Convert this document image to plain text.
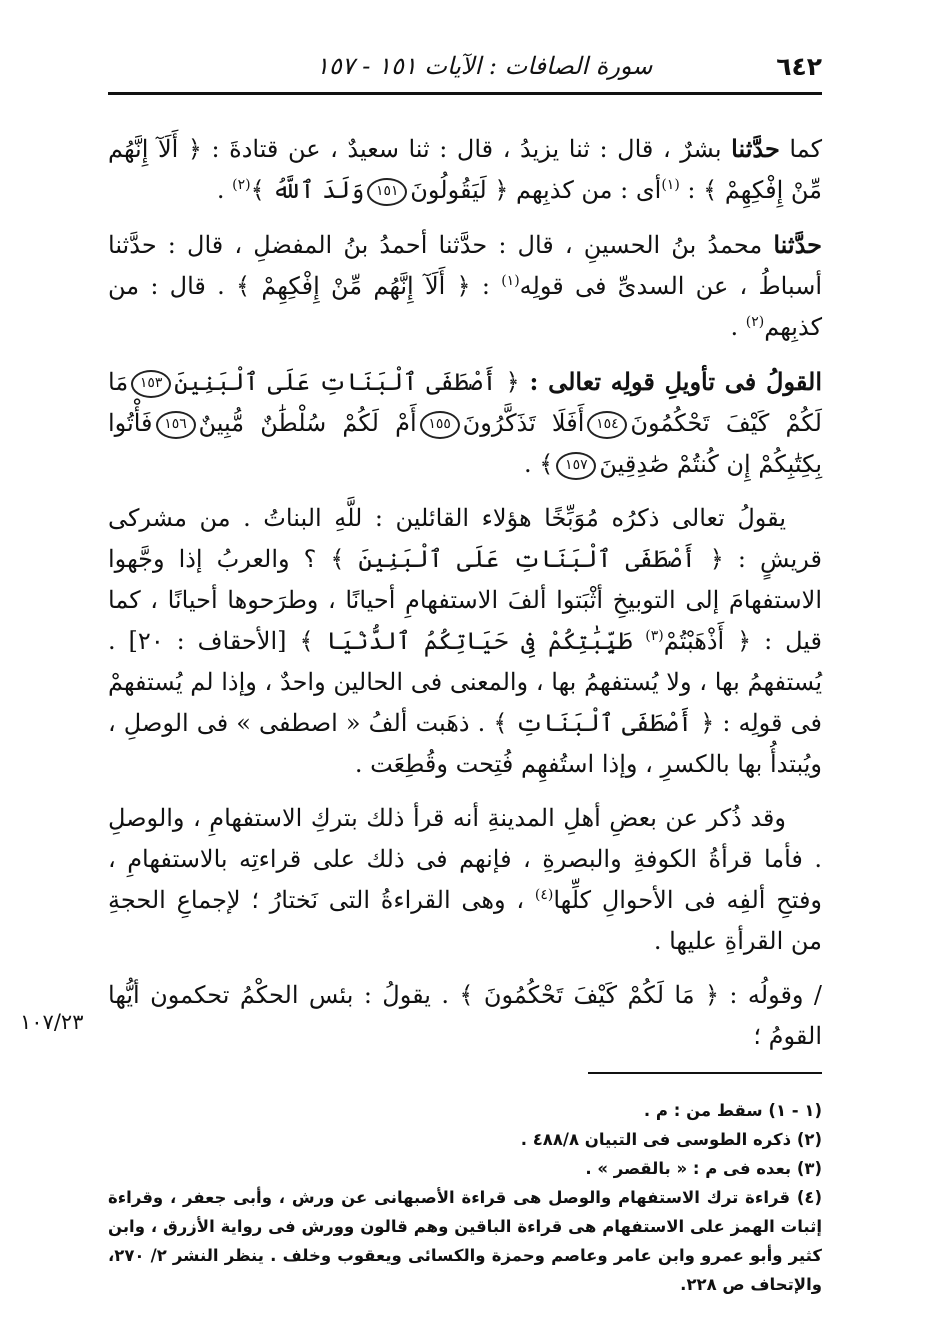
٦٤٢
سورة الصافات : الآيات ١٥١ - ١٥٧

كما حدَّثنا بشرٌ ، قال : ثنا يزيدُ ، قال : ثنا سعيدٌ ، عن قتادةَ : ﴿ أَلَآ إِنَّهُم مِّنْ إِفْكِهِمْ ﴾ : $^{(١)}$أى : من كذبِهم ﴿ لَيَقُولُونَ١٥١وَلَدَ ٱللَّهُ ﴾$^{(٢)}$ .

حدَّثنا محمدُ بنُ الحسينِ ، قال : حدَّثنا أحمدُ بنُ المفضلِ ، قال : حدَّثنا أسباطُ ، عن السدىِّ فى قولِه$^{(١)}$ : ﴿ أَلَآ إِنَّهُم مِّنْ إِفْكِهِمْ ﴾ . قال : من كذبِهم$^{(٢)}$ .

القولُ فى تأويلِ قولِه تعالى : ﴿ أَصْطَفَى ٱلْبَنَاتِ عَلَى ٱلْبَنِينَ١٥٣مَا لَكُمْ كَيْفَ تَحْكُمُونَ١٥٤أَفَلَا تَذَكَّرُونَ١٥٥أَمْ لَكُمْ سُلْطَٰنٌ مُّبِينٌ١٥٦فَأْتُوا بِكِتَٰبِكُمْ إِن كُنتُمْ صَٰدِقِينَ١٥٧﴾ .

يقولُ تعالى ذكرُه مُوَبِّخًا هؤلاء القائلين : للَّهِ البناتُ . من مشركى قريشٍ : ﴿ أَصْطَفَى ٱلْبَنَاتِ عَلَى ٱلْبَنِينَ ﴾ ؟ والعربُ إذا وجَّهوا الاستفهامَ إلى التوبيخِ أثْبَتوا ألفَ الاستفهامِ أحيانًا ، وطرَحوها أحيانًا ، كما قيل : ﴿ أَذْهَبْتُمْ$^{(٣)}$ طَيِّبَٰتِكُمْ فِى حَيَاتِكُمُ ٱلدُّنْيَا ﴾ [الأحقاف : ٢٠] . يُستفهمُ بها ، ولا يُستفهمُ بها ، والمعنى فى الحالين واحدٌ ، وإذا لم يُستفهمْ فى قولِه : ﴿ أَصْطَفَى ٱلْبَنَاتِ ﴾ . ذهَبت ألفُ « اصطفى » فى الوصلِ ، ويُبتدأُ بها بالكسرِ ، وإذا استُفهِم فُتِحت وقُطِعَت .

وقد ذُكر عن بعضِ أهلِ المدينةِ أنه قرأ ذلك بتركِ الاستفهامِ ، والوصلِ . فأما قرأةُ الكوفةِ والبصرةِ ، فإنهم فى ذلك على قراءتِه بالاستفهامِ ، وفتحِ ألفِه فى الأحوالِ كلِّها$^{(٤)}$ ، وهى القراءةُ التى نَختارُ ؛ لإجماعِ الحجةِ من القرأةِ عليها .

/ وقولُه : ﴿ مَا لَكُمْ كَيْفَ تَحْكُمُونَ ﴾ . يقولُ : بئس الحكْمُ تحكمون أيُّها القومُ ؛

١٠٧/٢٣

(١ - ١) سقط من : م .

(٢) ذكره الطوسى فى التبيان ٤٨٨/٨ .

(٣) بعده فى م : « بالقصر » .

(٤) قراءة ترك الاستفهام والوصل هى قراءة الأصبهانى عن ورش ، وأبى جعفر ، وقراءة إثبات الهمز على الاستفهام هى قراءة الباقين وهم قالون وورش فى رواية الأزرق ، وابن كثير وأبو عمرو وابن عامر وعاصم وحمزة والكسائى ويعقوب وخلف . ينظر النشر ٢/ ٢٧٠، والإتحاف ص ٢٢٨.
